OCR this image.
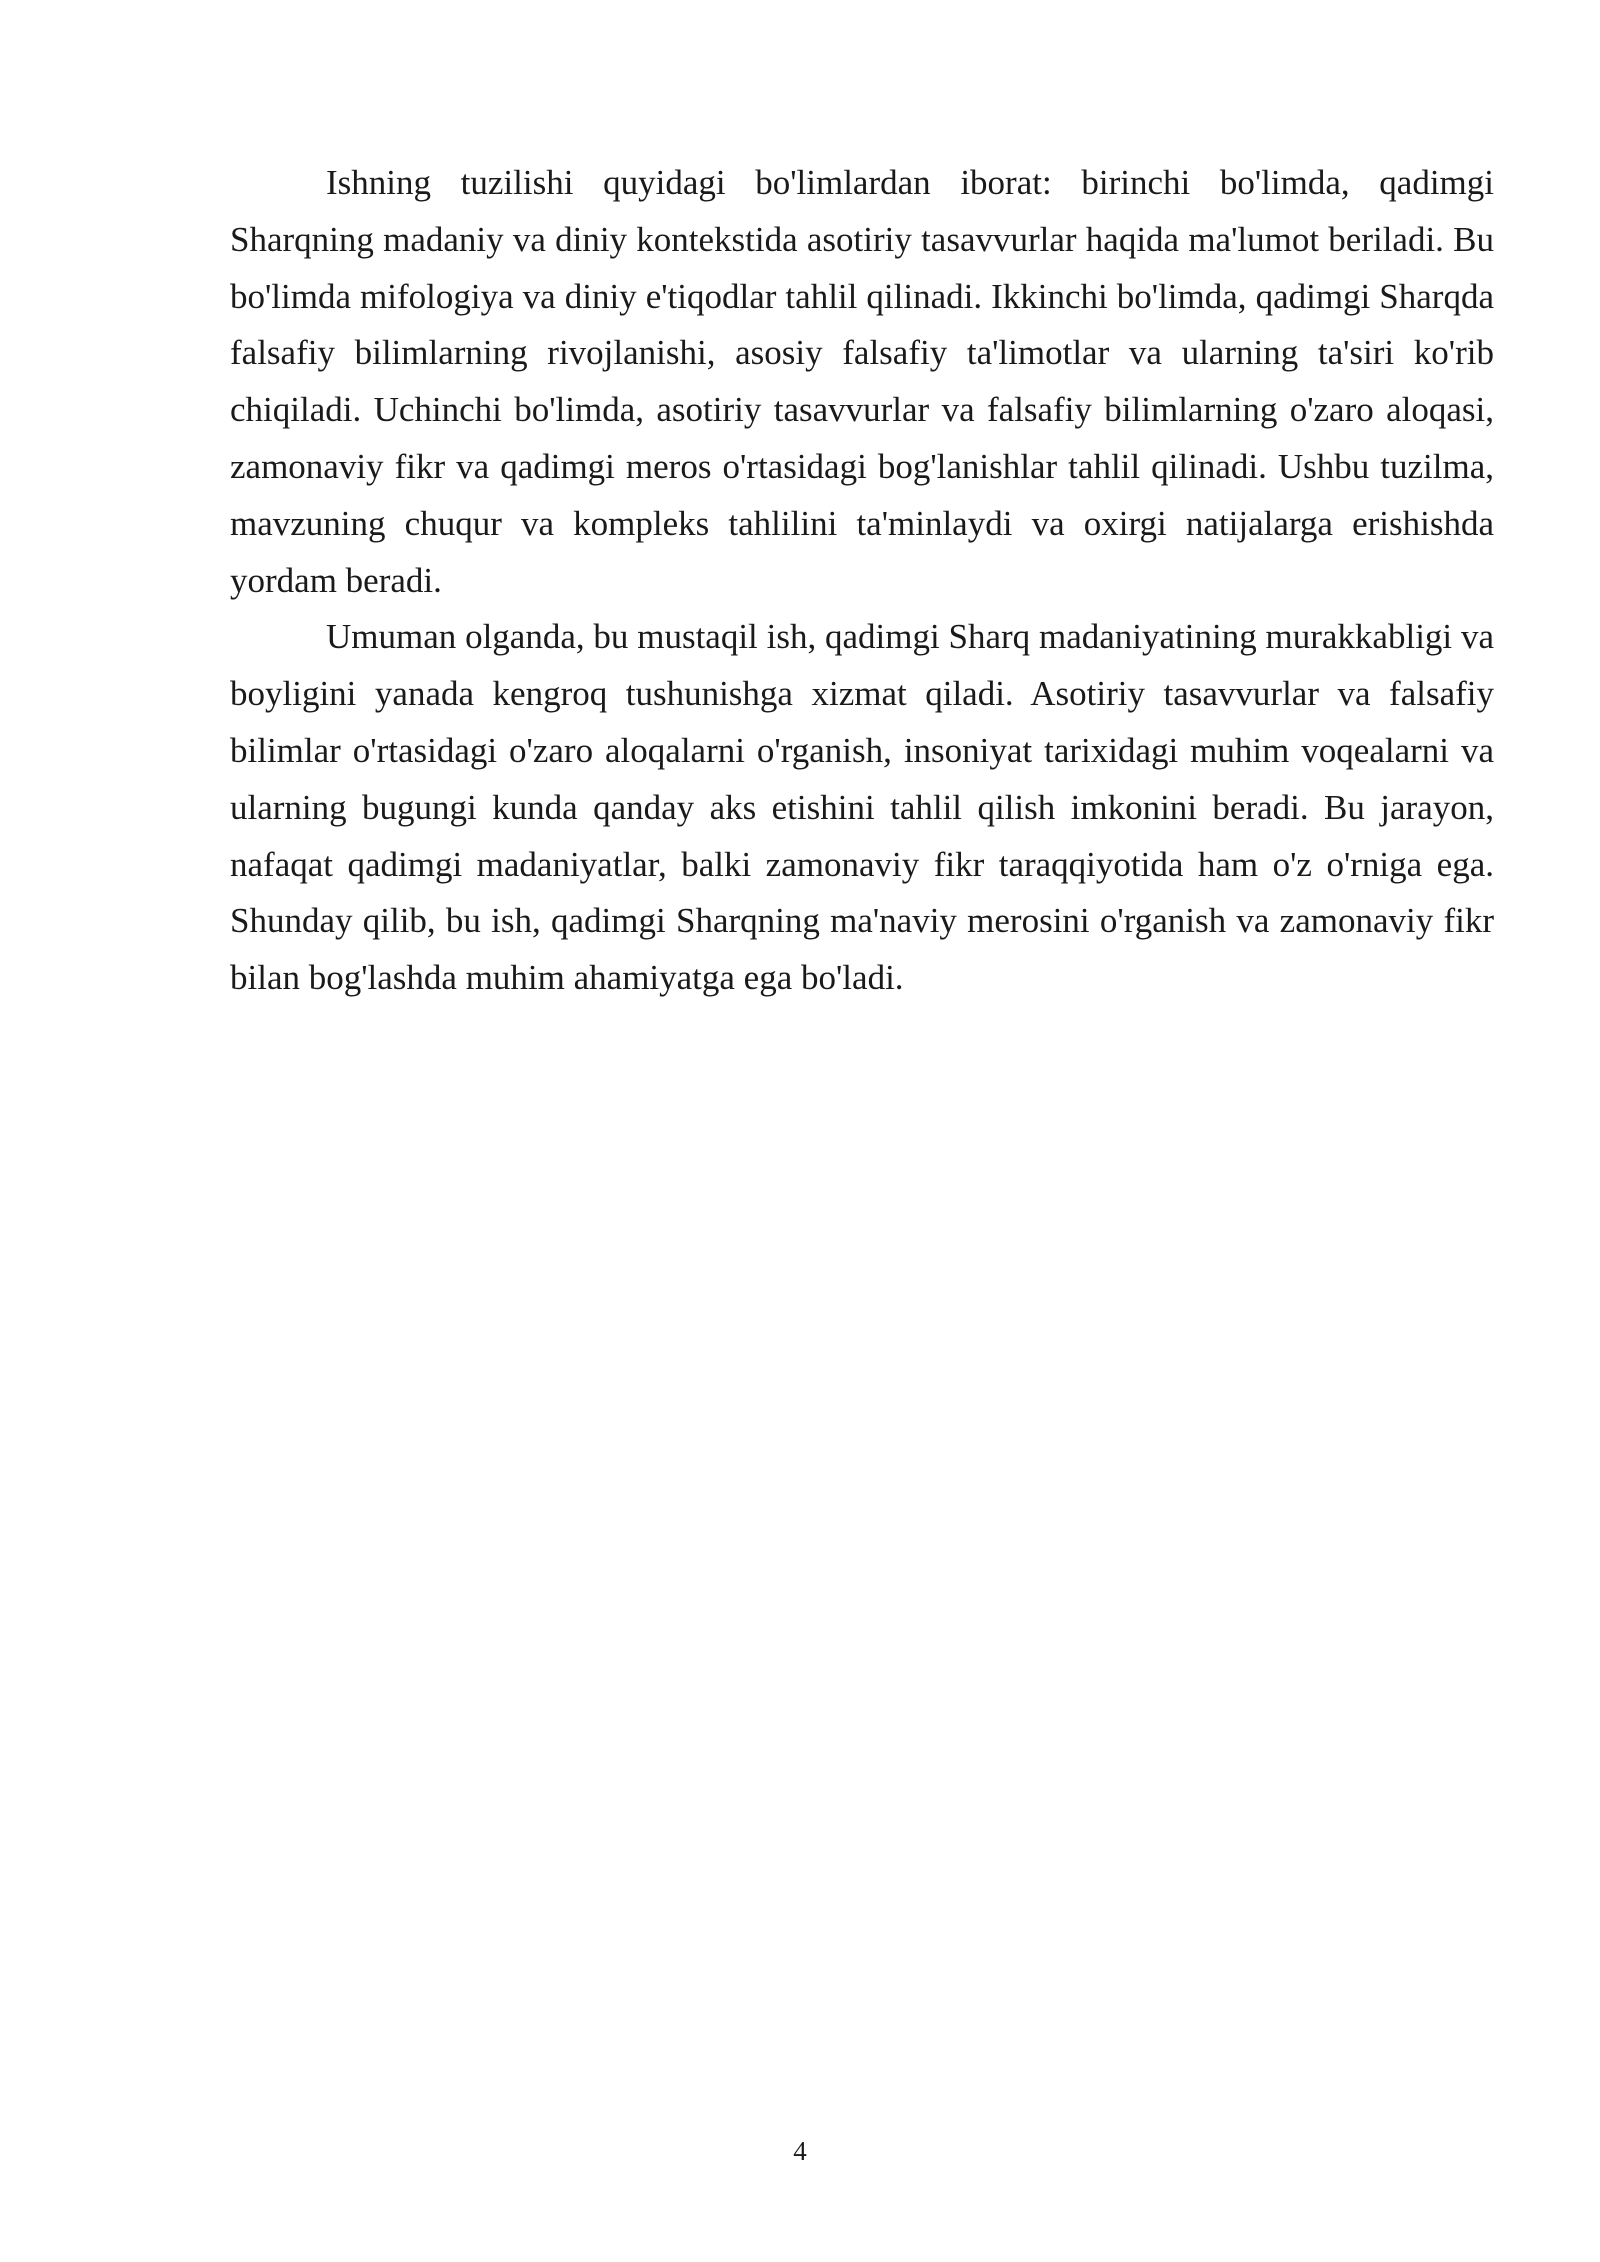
Ishning tuzilishi quyidagi bo'limlardan iborat: birinchi bo'limda, qadimgi Sharqning madaniy va diniy kontekstida asotiriy tasavvurlar haqida ma'lumot beriladi. Bu bo'limda mifologiya va diniy e'tiqodlar tahlil qilinadi. Ikkinchi bo'limda, qadimgi Sharqda falsafiy bilimlarning rivojlanishi, asosiy falsafiy ta'limotlar va ularning ta'siri ko'rib chiqiladi. Uchinchi bo'limda, asotiriy tasavvurlar va falsafiy bilimlarning o'zaro aloqasi, zamonaviy fikr va qadimgi meros o'rtasidagi bog'lanishlar tahlil qilinadi. Ushbu tuzilma, mavzuning chuqur va kompleks tahlilini ta'minlaydi va oxirgi natijalarga erishishda yordam beradi.

Umuman olganda, bu mustaqil ish, qadimgi Sharq madaniyatining murakkabligi va boyligini yanada kengroq tushunishga xizmat qiladi. Asotiriy tasavvurlar va falsafiy bilimlar o'rtasidagi o'zaro aloqalarni o'rganish, insoniyat tarixidagi muhim voqealarni va ularning bugungi kunda qanday aks etishini tahlil qilish imkonini beradi. Bu jarayon, nafaqat qadimgi madaniyatlar, balki zamonaviy fikr taraqqiyotida ham o'z o'rniga ega. Shunday qilib, bu ish, qadimgi Sharqning ma'naviy merosini o'rganish va zamonaviy fikr bilan bog'lashda muhim ahamiyatga ega bo'ladi.

4
